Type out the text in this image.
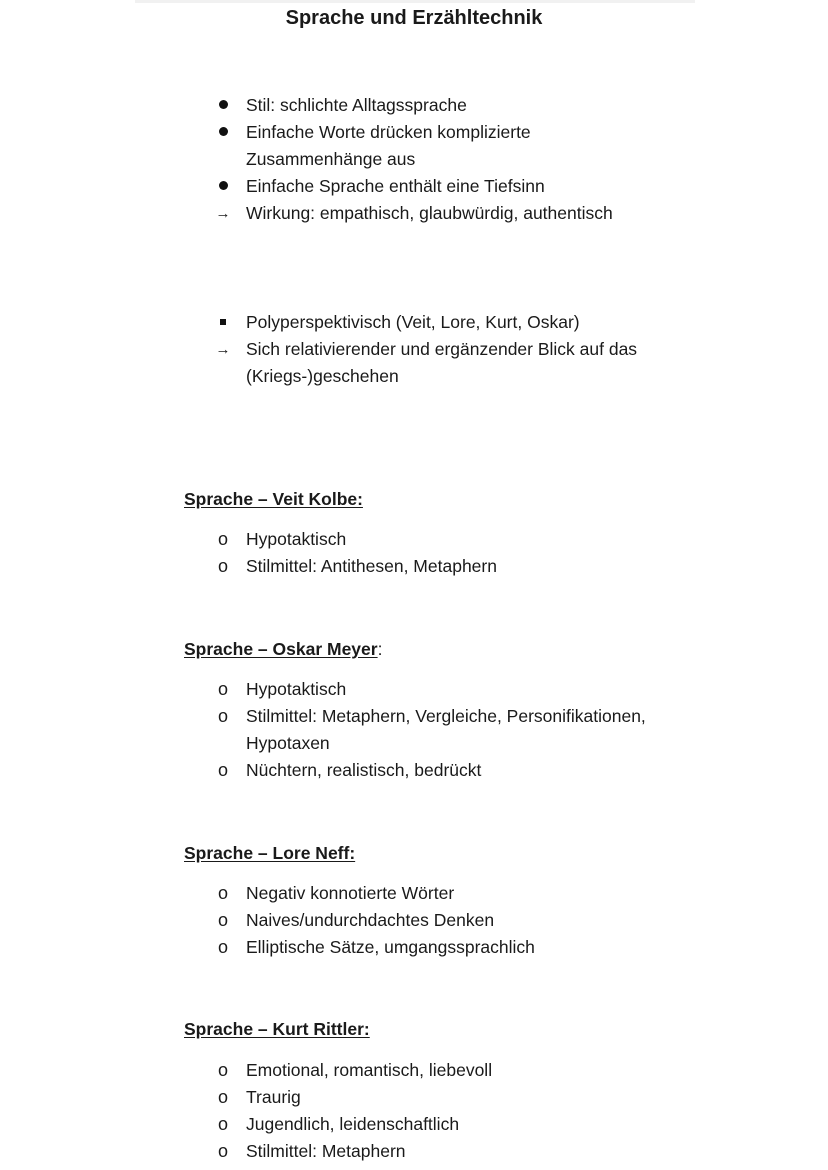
Sprache und Erzähltechnik
Stil: schlichte Alltagssprache
Einfache Worte drücken komplizierte Zusammenhänge aus
Einfache Sprache enthält eine Tiefsinn
→ Wirkung: empathisch, glaubwürdig, authentisch
Polyperspektivisch (Veit, Lore, Kurt, Oskar)
→ Sich relativierender und ergänzender Blick auf das (Kriegs-)geschehen
Sprache – Veit Kolbe:
o Hypotaktisch
o Stilmittel: Antithesen, Metaphern
Sprache – Oskar Meyer:
o Hypotaktisch
o Stilmittel: Metaphern, Vergleiche, Personifikationen, Hypotaxen
o Nüchtern, realistisch, bedrückt
Sprache – Lore Neff:
o Negativ konnotierte Wörter
o Naives/undurchdachtes Denken
o Elliptische Sätze, umgangssprachlich
Sprache – Kurt Rittler:
o Emotional, romantisch, liebevoll
o Traurig
o Jugendlich, leidenschaftlich
o Stilmittel: Metaphern
